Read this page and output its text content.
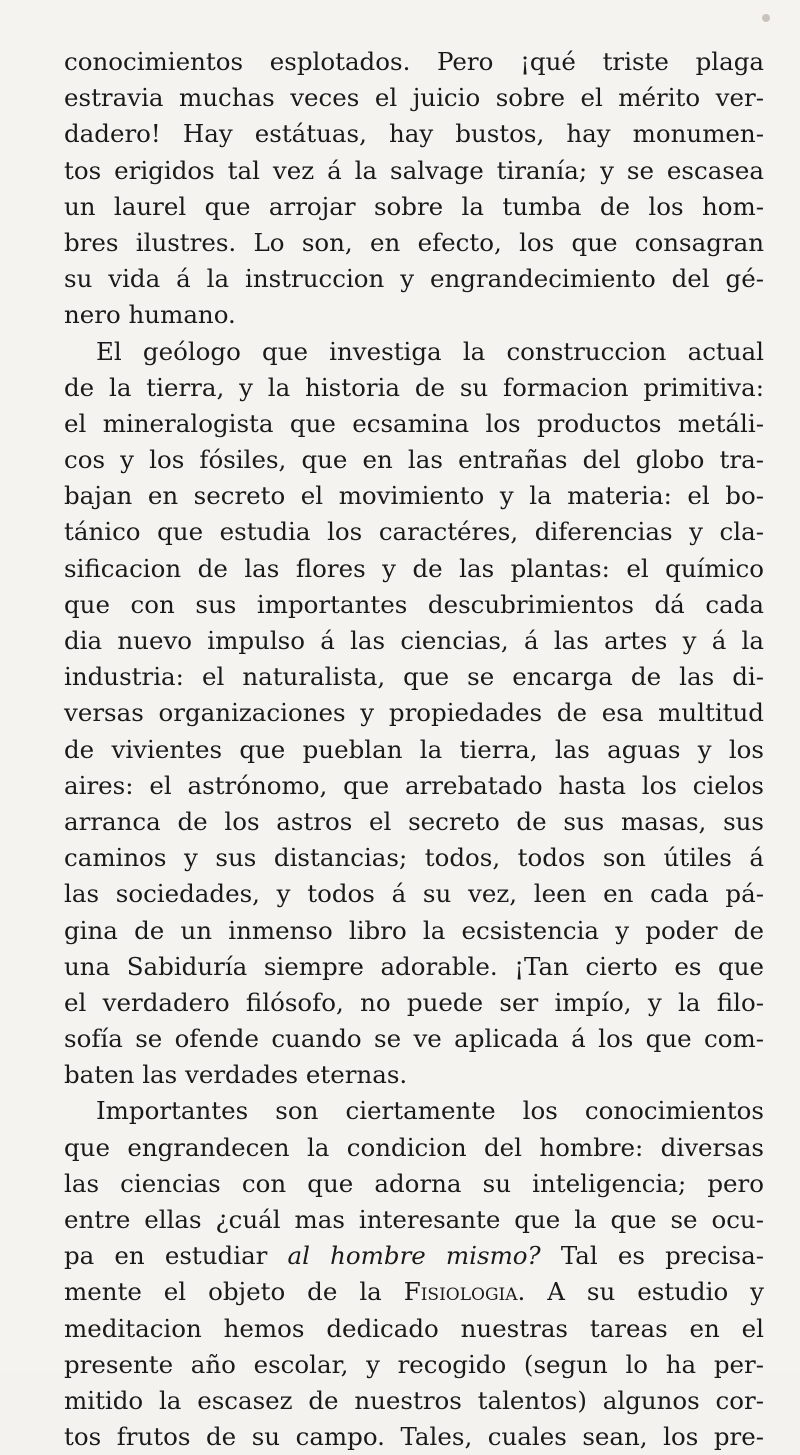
conocimientos esplotados. Pero ¡qué triste plaga
estravia muchas veces el juicio sobre el mérito ver-
dadero! Hay estátuas, hay bustos, hay monumen-
tos erigidos tal vez á la salvage tiranía; y se escasea
un laurel que arrojar sobre la tumba de los hom-
bres ilustres. Lo son, en efecto, los que consagran
su vida á la instruccion y engrandecimiento del gé-
nero humano.
El geólogo que investiga la construccion actual
de la tierra, y la historia de su formacion primitiva:
el mineralogista que ecsamina los productos metáli-
cos y los fósiles, que en las entrañas del globo tra-
bajan en secreto el movimiento y la materia: el bo-
tánico que estudia los caractéres, diferencias y cla-
sificacion de las flores y de las plantas: el químico
que con sus importantes descubrimientos dá cada
dia nuevo impulso á las ciencias, á las artes y á la
industria: el naturalista, que se encarga de las di-
versas organizaciones y propiedades de esa multitud
de vivientes que pueblan la tierra, las aguas y los
aires: el astrónomo, que arrebatado hasta los cielos
arranca de los astros el secreto de sus masas, sus
caminos y sus distancias; todos, todos son útiles á
las sociedades, y todos á su vez, leen en cada pá-
gina de un inmenso libro la ecsistencia y poder de
una Sabiduría siempre adorable. ¡Tan cierto es que
el verdadero filósofo, no puede ser impío, y la filo-
sofía se ofende cuando se ve aplicada á los que com-
baten las verdades eternas.
Importantes son ciertamente los conocimientos
que engrandecen la condicion del hombre: diversas
las ciencias con que adorna su inteligencia; pero
entre ellas ¿cuál mas interesante que la que se ocu-
pa en estudiar al hombre mismo? Tal es precisa-
mente el objeto de la Fisiologia. A su estudio y
meditacion hemos dedicado nuestras tareas en el
presente año escolar, y recogido (segun lo ha per-
mitido la escasez de nuestros talentos) algunos cor-
tos frutos de su campo. Tales, cuales sean, los pre-
